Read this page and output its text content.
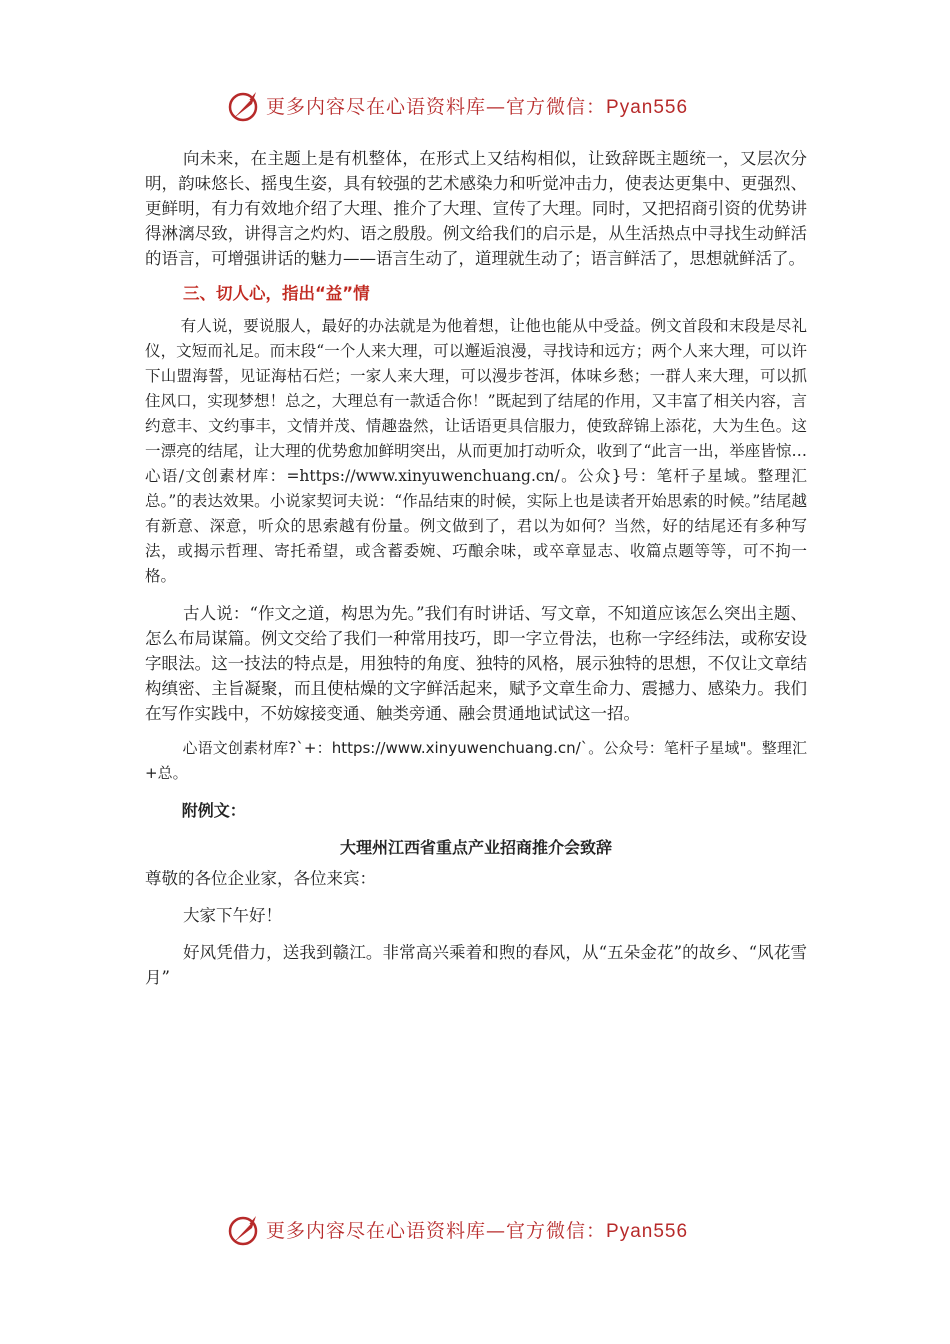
更多内容尽在心语资料库—官方微信：Pyan556

向未来，在主题上是有机整体，在形式上又结构相似，让致辞既主题统一，又层次分明，韵味悠长、摇曳生姿，具有较强的艺术感染力和听觉冲击力，使表达更集中、更强烈、更鲜明，有力有效地介绍了大理、推介了大理、宣传了大理。同时，又把招商引资的优势讲得淋漓尽致，讲得言之灼灼、语之殷殷。例文给我们的启示是，从生活热点中寻找生动鲜活的语言，可增强讲话的魅力——语言生动了，道理就生动了；语言鲜活了，思想就鲜活了。

三、切人心，指出“益”情

有人说，要说服人，最好的办法就是为他着想，让他也能从中受益。例文首段和末段是尽礼仪，文短而礼足。而末段“一个人来大理，可以邂逅浪漫，寻找诗和远方；两个人来大理，可以许下山盟海誓，见证海枯石烂；一家人来大理，可以漫步苍洱，体味乡愁；一群人来大理，可以抓住风口，实现梦想！总之，大理总有一款适合你！”既起到了结尾的作用，又丰富了相关内容，言约意丰、文约事丰，文情并茂、情趣盎然，让话语更具信服力，使致辞锦上添花，大为生色。这一漂亮的结尾，让大理的优势愈加鲜明突出，从而更加打动听众，收到了“此言一出，举座皆惊…心语/文创素材库：=https://www.xinyuwenchuang.cn/。公众}号：笔杆子星域。整理汇总。”的表达效果。小说家契诃夫说：“作品结束的时候，实际上也是读者开始思索的时候。”结尾越有新意、深意，听众的思索越有份量。例文做到了，君以为如何？当然，好的结尾还有多种写法，或揭示哲理、寄托希望，或含蓄委婉、巧酿余味，或卒章显志、收篇点题等等，可不拘一格。

古人说：“作文之道，构思为先。”我们有时讲话、写文章，不知道应该怎么突出主题、怎么布局谋篇。例文交给了我们一种常用技巧，即一字立骨法，也称一字经纬法，或称安设字眼法。这一技法的特点是，用独特的角度、独特的风格，展示独特的思想，不仅让文章结构缜密、主旨凝聚，而且使枯燥的文字鲜活起来，赋予文章生命力、震撼力、感染力。我们在写作实践中，不妨嫁接变通、触类旁通、融会贯通地试试这一招。

心语文创素材库?`+：https://www.xinyuwenchuang.cn/`。公众号：笔杆子星域"。整理汇+总。

附例文：

大理州江西省重点产业招商推介会致辞

尊敬的各位企业家，各位来宾：

大家下午好！

好风凭借力，送我到赣江。非常高兴乘着和煦的春风，从“五朵金花”的故乡、“风花雪月”

更多内容尽在心语资料库—官方微信：Pyan556
